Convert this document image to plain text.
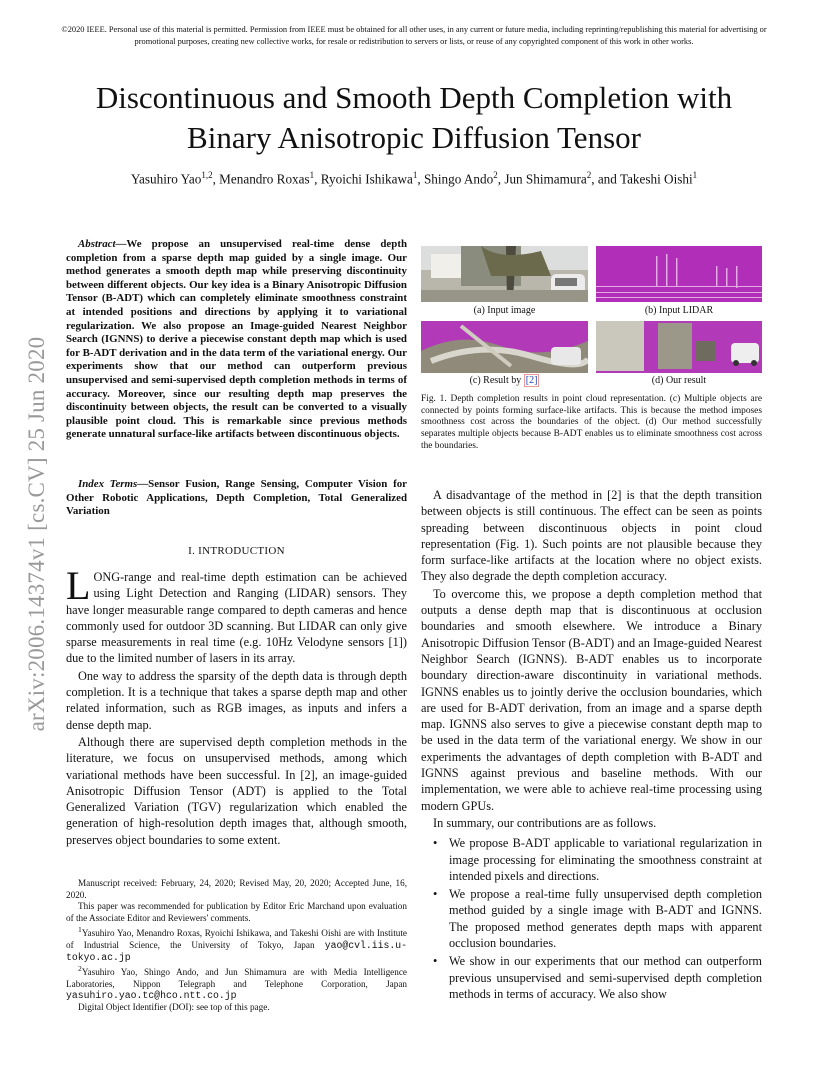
©2020 IEEE. Personal use of this material is permitted. Permission from IEEE must be obtained for all other uses, in any current or future media, including reprinting/republishing this material for advertising or promotional purposes, creating new collective works, for resale or redistribution to servers or lists, or reuse of any copyrighted component of this work in other works.
Discontinuous and Smooth Depth Completion with
Binary Anisotropic Diffusion Tensor
Yasuhiro Yao$^{1,2}$, Menandro Roxas$^1$, Ryoichi Ishikawa$^1$, Shingo Ando$^2$, Jun Shimamura$^2$, and Takeshi Oishi$^1$
arXiv:2006.14374v1 [cs.CV] 25 Jun 2020
Abstract—We propose an unsupervised real-time dense depth completion from a sparse depth map guided by a single image. Our method generates a smooth depth map while preserving discontinuity between different objects. Our key idea is a Binary Anisotropic Diffusion Tensor (B-ADT) which can completely eliminate smoothness constraint at intended positions and directions by applying it to variational regularization. We also propose an Image-guided Nearest Neighbor Search (IGNNS) to derive a piecewise constant depth map which is used for B-ADT derivation and in the data term of the variational energy. Our experiments show that our method can outperform previous unsupervised and semi-supervised depth completion methods in terms of accuracy. Moreover, since our resulting depth map preserves the discontinuity between objects, the result can be converted to a visually plausible point cloud. This is remarkable since previous methods generate unnatural surface-like artifacts between discontinuous objects.
Index Terms—Sensor Fusion, Range Sensing, Computer Vision for Other Robotic Applications, Depth Completion, Total Generalized Variation
I. INTRODUCTION

LONG-range and real-time depth estimation can be achieved using Light Detection and Ranging (LIDAR) sensors. They have longer measurable range compared to depth cameras and hence commonly used for outdoor 3D scanning. But LIDAR can only give sparse measurements in real time (e.g. 10Hz Velodyne sensors [1]) due to the limited number of lasers in its array.

One way to address the sparsity of the depth data is through depth completion. It is a technique that takes a sparse depth map and other related information, such as RGB images, as inputs and infers a dense depth map.

Although there are supervised depth completion methods in the literature, we focus on unsupervised methods, among which variational methods have been successful. In [2], an image-guided Anisotropic Diffusion Tensor (ADT) is applied to the Total Generalized Variation (TGV) regularization which enabled the generation of high-resolution depth images that, although smooth, preserves object boundaries to some extent.

Manuscript received: February, 24, 2020; Revised May, 20, 2020; Accepted June, 16, 2020.
This paper was recommended for publication by Editor Eric Marchand upon evaluation of the Associate Editor and Reviewers' comments.
$^1$Yasuhiro Yao, Menandro Roxas, Ryoichi Ishikawa, and Takeshi Oishi are with Institute of Industrial Science, the University of Tokyo, Japan yao@cvl.iis.u-tokyo.ac.jp
$^2$Yasuhiro Yao, Shingo Ando, and Jun Shimamura are with Media Intelligence Laboratories, Nippon Telegraph and Telephone Corporation, Japan yasuhiro.yao.tc@hco.ntt.co.jp
Digital Object Identifier (DOI): see top of this page.
(a) Input image	(b) Input LIDAR
(c) Result by [2]	(d) Our result
Fig. 1. Depth completion results in point cloud representation. (c) Multiple objects are connected by points forming surface-like artifacts. This is because the method imposes smoothness cost across the boundaries of the object. (d) Our method successfully separates multiple objects because B-ADT enables us to eliminate smoothness cost across the boundaries.

A disadvantage of the method in [2] is that the depth transition between objects is still continuous. The effect can be seen as points spreading between discontinuous objects in point cloud representation (Fig. 1). Such points are not plausible because they form surface-like artifacts at the location where no object exists. They also degrade the depth completion accuracy.

To overcome this, we propose a depth completion method that outputs a dense depth map that is discontinuous at occlusion boundaries and smooth elsewhere. We introduce a Binary Anisotropic Diffusion Tensor (B-ADT) and an Image-guided Nearest Neighbor Search (IGNNS). B-ADT enables us to incorporate boundary direction-aware discontinuity in variational methods. IGNNS enables us to jointly derive the occlusion boundaries, which are used for B-ADT derivation, from an image and a sparse depth map. IGNNS also serves to give a piecewise constant depth map to be used in the data term of the variational energy. We show in our experiments the advantages of depth completion with B-ADT and IGNNS against previous and baseline methods. With our implementation, we were able to achieve real-time processing using modern GPUs.

In summary, our contributions are as follows.

• We propose B-ADT applicable to variational regularization in image processing for eliminating the smoothness constraint at intended pixels and directions.
• We propose a real-time fully unsupervised depth completion method guided by a single image with B-ADT and IGNNS. The proposed method generates depth maps with apparent occlusion boundaries.
• We show in our experiments that our method can outperform previous unsupervised and semi-supervised depth completion methods in terms of accuracy. We also show
